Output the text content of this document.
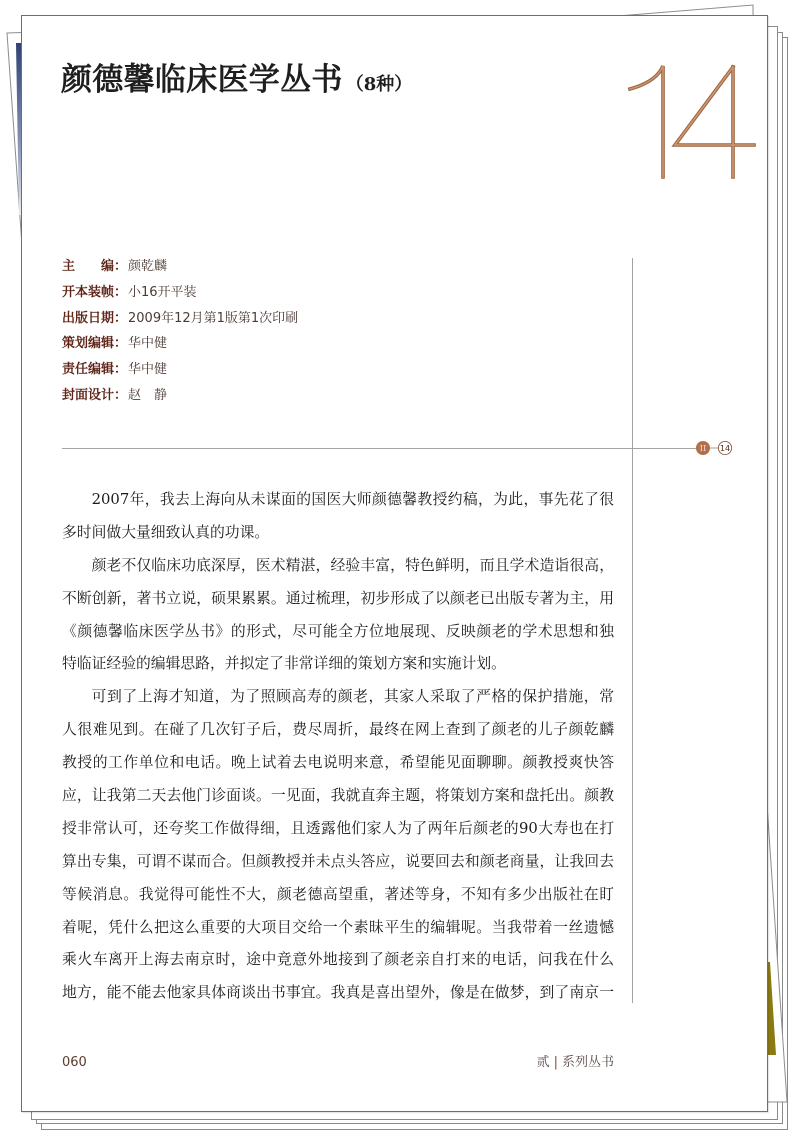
颜德馨临床医学丛书 （8种）
主　　编：颜乾麟
开本装帧：小16开平装
出版日期：2009年12月第1版第1次印刷
策划编辑：华中健
责任编辑：华中健
封面设计：赵　静
II 14
2007年，我去上海向从未谋面的国医大师颜德馨教授约稿，为此，事先花了很
多时间做大量细致认真的功课。
颜老不仅临床功底深厚，医术精湛，经验丰富，特色鲜明，而且学术造诣很高，
不断创新，著书立说，硕果累累。通过梳理，初步形成了以颜老已出版专著为主，用
《颜德馨临床医学丛书》的形式，尽可能全方位地展现、反映颜老的学术思想和独
特临证经验的编辑思路，并拟定了非常详细的策划方案和实施计划。
可到了上海才知道，为了照顾高寿的颜老，其家人采取了严格的保护措施，常
人很难见到。在碰了几次钉子后，费尽周折，最终在网上查到了颜老的儿子颜乾麟
教授的工作单位和电话。晚上试着去电说明来意，希望能见面聊聊。颜教授爽快答
应，让我第二天去他门诊面谈。一见面，我就直奔主题，将策划方案和盘托出。颜教
授非常认可，还夸奖工作做得细，且透露他们家人为了两年后颜老的90大寿也在打
算出专集，可谓不谋而合。但颜教授并未点头答应，说要回去和颜老商量，让我回去
等候消息。我觉得可能性不大，颜老德高望重，著述等身，不知有多少出版社在盯
着呢，凭什么把这么重要的大项目交给一个素昧平生的编辑呢。当我带着一丝遗憾
乘火车离开上海去南京时，途中竟意外地接到了颜老亲自打来的电话，问我在什么
地方，能不能去他家具体商谈出书事宜。我真是喜出望外，像是在做梦，到了南京一
060	贰 | 系列丛书
